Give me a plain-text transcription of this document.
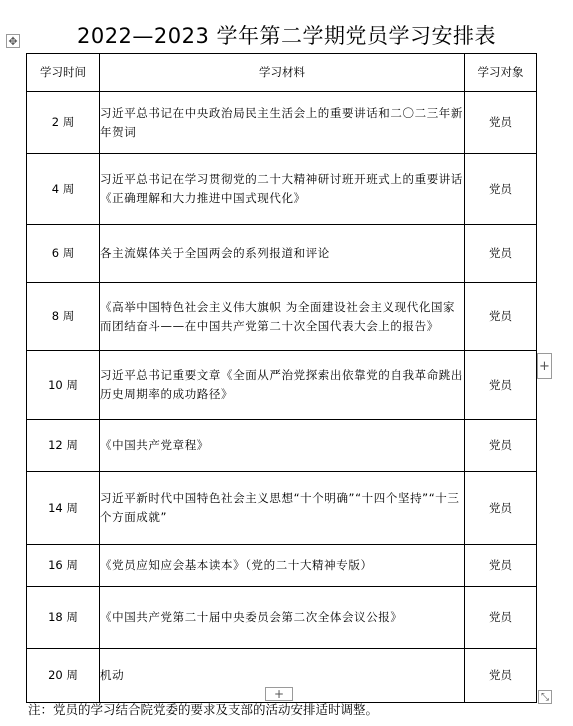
✥	2022—2023 学年第二学期党员学习安排表
学习时间	学习材料	学习对象
2 周	习近平总书记在中央政治局民主生活会上的重要讲话和二〇二三年新年贺词	党员
4 周	习近平总书记在学习贯彻党的二十大精神研讨班开班式上的重要讲话《正确理解和大力推进中国式现代化》	党员
6 周	各主流媒体关于全国两会的系列报道和评论	党员
8 周	《高举中国特色社会主义伟大旗帜 为全面建设社会主义现代化国家而团结奋斗——在中国共产党第二十次全国代表大会上的报告》	党员
10 周	习近平总书记重要文章《全面从严治党探索出依靠党的自我革命跳出历史周期率的成功路径》	党员
12 周	《中国共产党章程》	党员
14 周	习近平新时代中国特色社会主义思想“十个明确”“十四个坚持”“十三个方面成就”	党员
16 周	《党员应知应会基本读本》（党的二十大精神专版）	党员
18 周	《中国共产党第二十届中央委员会第二次全体会议公报》	党员
20 周	机动	党员
+
+	⤡
注：党员的学习结合院党委的要求及支部的活动安排适时调整。
